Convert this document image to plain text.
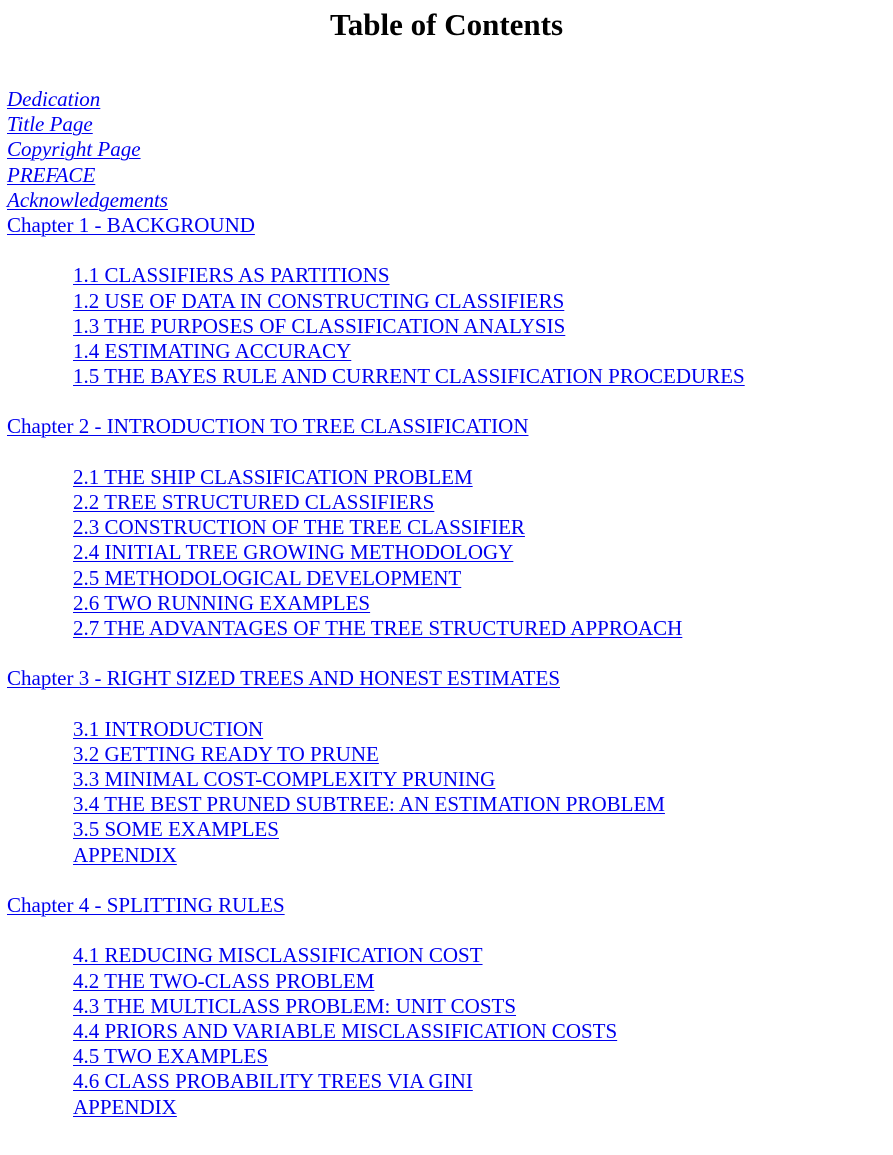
Table of Contents
Dedication
Title Page
Copyright Page
PREFACE
Acknowledgements
Chapter 1 - BACKGROUND
1.1 CLASSIFIERS AS PARTITIONS
1.2 USE OF DATA IN CONSTRUCTING CLASSIFIERS
1.3 THE PURPOSES OF CLASSIFICATION ANALYSIS
1.4 ESTIMATING ACCURACY
1.5 THE BAYES RULE AND CURRENT CLASSIFICATION PROCEDURES
Chapter 2 - INTRODUCTION TO TREE CLASSIFICATION
2.1 THE SHIP CLASSIFICATION PROBLEM
2.2 TREE STRUCTURED CLASSIFIERS
2.3 CONSTRUCTION OF THE TREE CLASSIFIER
2.4 INITIAL TREE GROWING METHODOLOGY
2.5 METHODOLOGICAL DEVELOPMENT
2.6 TWO RUNNING EXAMPLES
2.7 THE ADVANTAGES OF THE TREE STRUCTURED APPROACH
Chapter 3 - RIGHT SIZED TREES AND HONEST ESTIMATES
3.1 INTRODUCTION
3.2 GETTING READY TO PRUNE
3.3 MINIMAL COST-COMPLEXITY PRUNING
3.4 THE BEST PRUNED SUBTREE: AN ESTIMATION PROBLEM
3.5 SOME EXAMPLES
APPENDIX
Chapter 4 - SPLITTING RULES
4.1 REDUCING MISCLASSIFICATION COST
4.2 THE TWO-CLASS PROBLEM
4.3 THE MULTICLASS PROBLEM: UNIT COSTS
4.4 PRIORS AND VARIABLE MISCLASSIFICATION COSTS
4.5 TWO EXAMPLES
4.6 CLASS PROBABILITY TREES VIA GINI
APPENDIX
